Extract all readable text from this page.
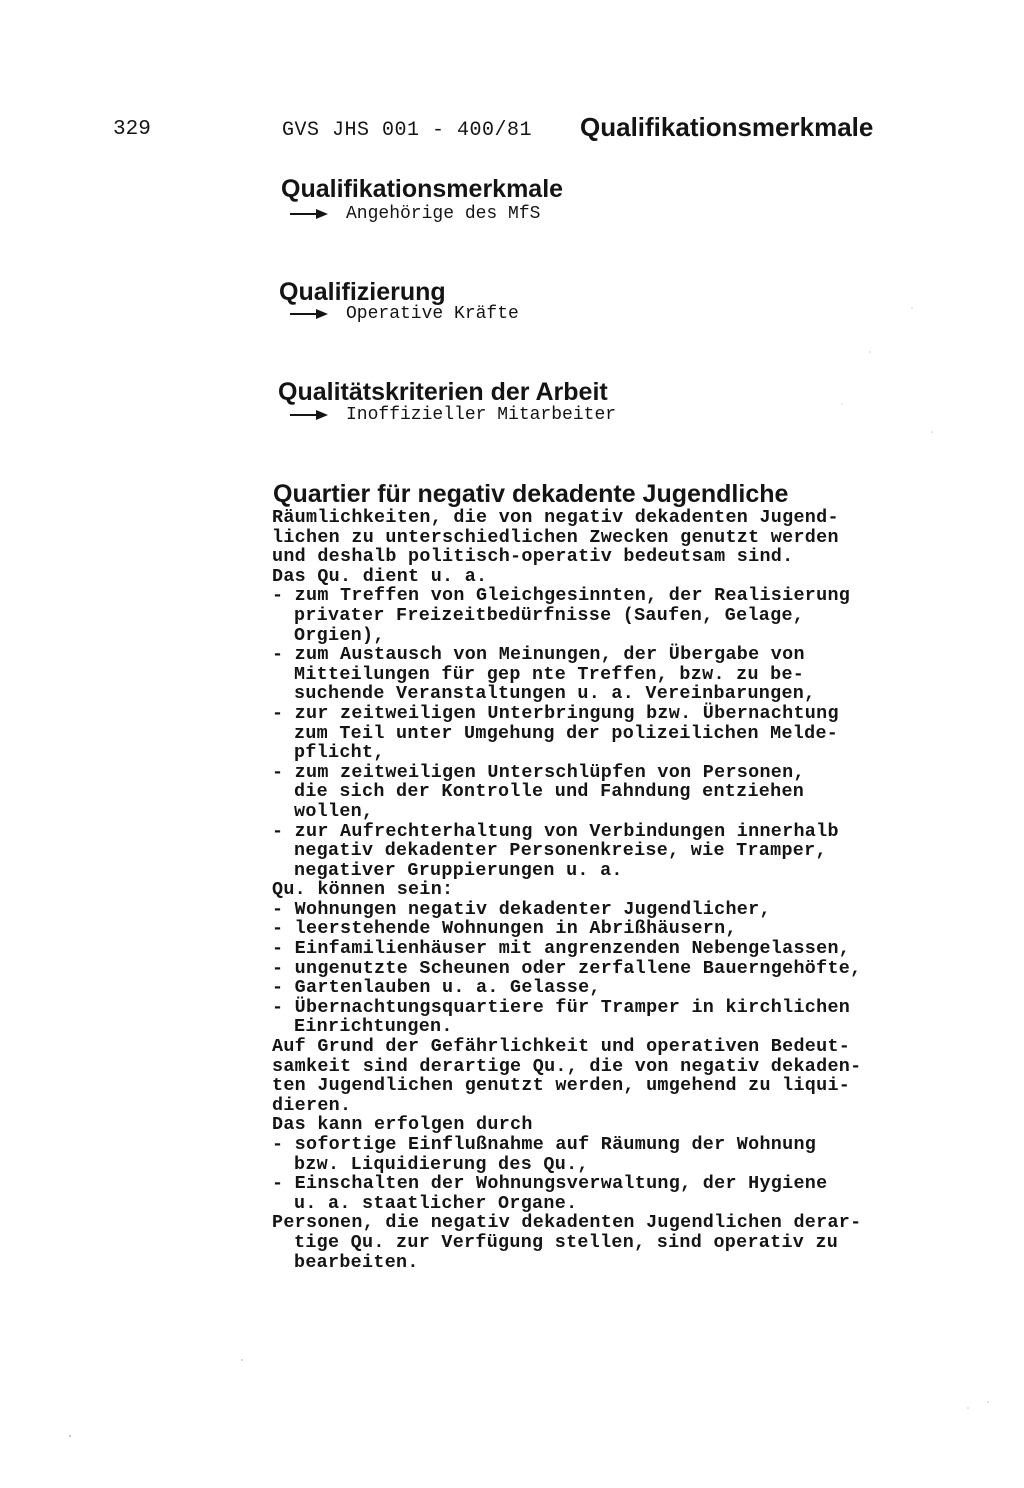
329	GVS JHS 001 - 400/81 Qualifikationsmerkmale
Qualifikationsmerkmale
Angehörige des MfS
Qualifizierung
Operative Kräfte
Qualitätskriterien der Arbeit
Inoffizieller Mitarbeiter
Quartier für negativ dekadente Jugendliche
Räumlichkeiten, die von negativ dekadenten Jugend-
lichen zu unterschiedlichen Zwecken genutzt werden
und deshalb politisch-operativ bedeutsam sind.
Das Qu. dient u. a.
- zum Treffen von Gleichgesinnten, der Realisierung
privater Freizeitbedürfnisse (Saufen, Gelage,
Orgien),
- zum Austausch von Meinungen, der Übergabe von
Mitteilungen für gep nte Treffen, bzw. zu be-
suchende Veranstaltungen u. a. Vereinbarungen,
- zur zeitweiligen Unterbringung bzw. Übernachtung
zum Teil unter Umgehung der polizeilichen Melde-
pflicht,
- zum zeitweiligen Unterschlüpfen von Personen,
die sich der Kontrolle und Fahndung entziehen
wollen,
- zur Aufrechterhaltung von Verbindungen innerhalb
negativ dekadenter Personenkreise, wie Tramper,
negativer Gruppierungen u. a.
Qu. können sein:
- Wohnungen negativ dekadenter Jugendlicher,
- leerstehende Wohnungen in Abrißhäusern,
- Einfamilienhäuser mit angrenzenden Nebengelassen,
- ungenutzte Scheunen oder zerfallene Bauerngehöfte,
- Gartenlauben u. a. Gelasse,
- Übernachtungsquartiere für Tramper in kirchlichen
Einrichtungen.
Auf Grund der Gefährlichkeit und operativen Bedeut-
samkeit sind derartige Qu., die von negativ dekaden-
ten Jugendlichen genutzt werden, umgehend zu liqui-
dieren.
Das kann erfolgen durch
- sofortige Einflußnahme auf Räumung der Wohnung
bzw. Liquidierung des Qu.,
- Einschalten der Wohnungsverwaltung, der Hygiene
u. a. staatlicher Organe.
Personen, die negativ dekadenten Jugendlichen derar-
tige Qu. zur Verfügung stellen, sind operativ zu
bearbeiten.
